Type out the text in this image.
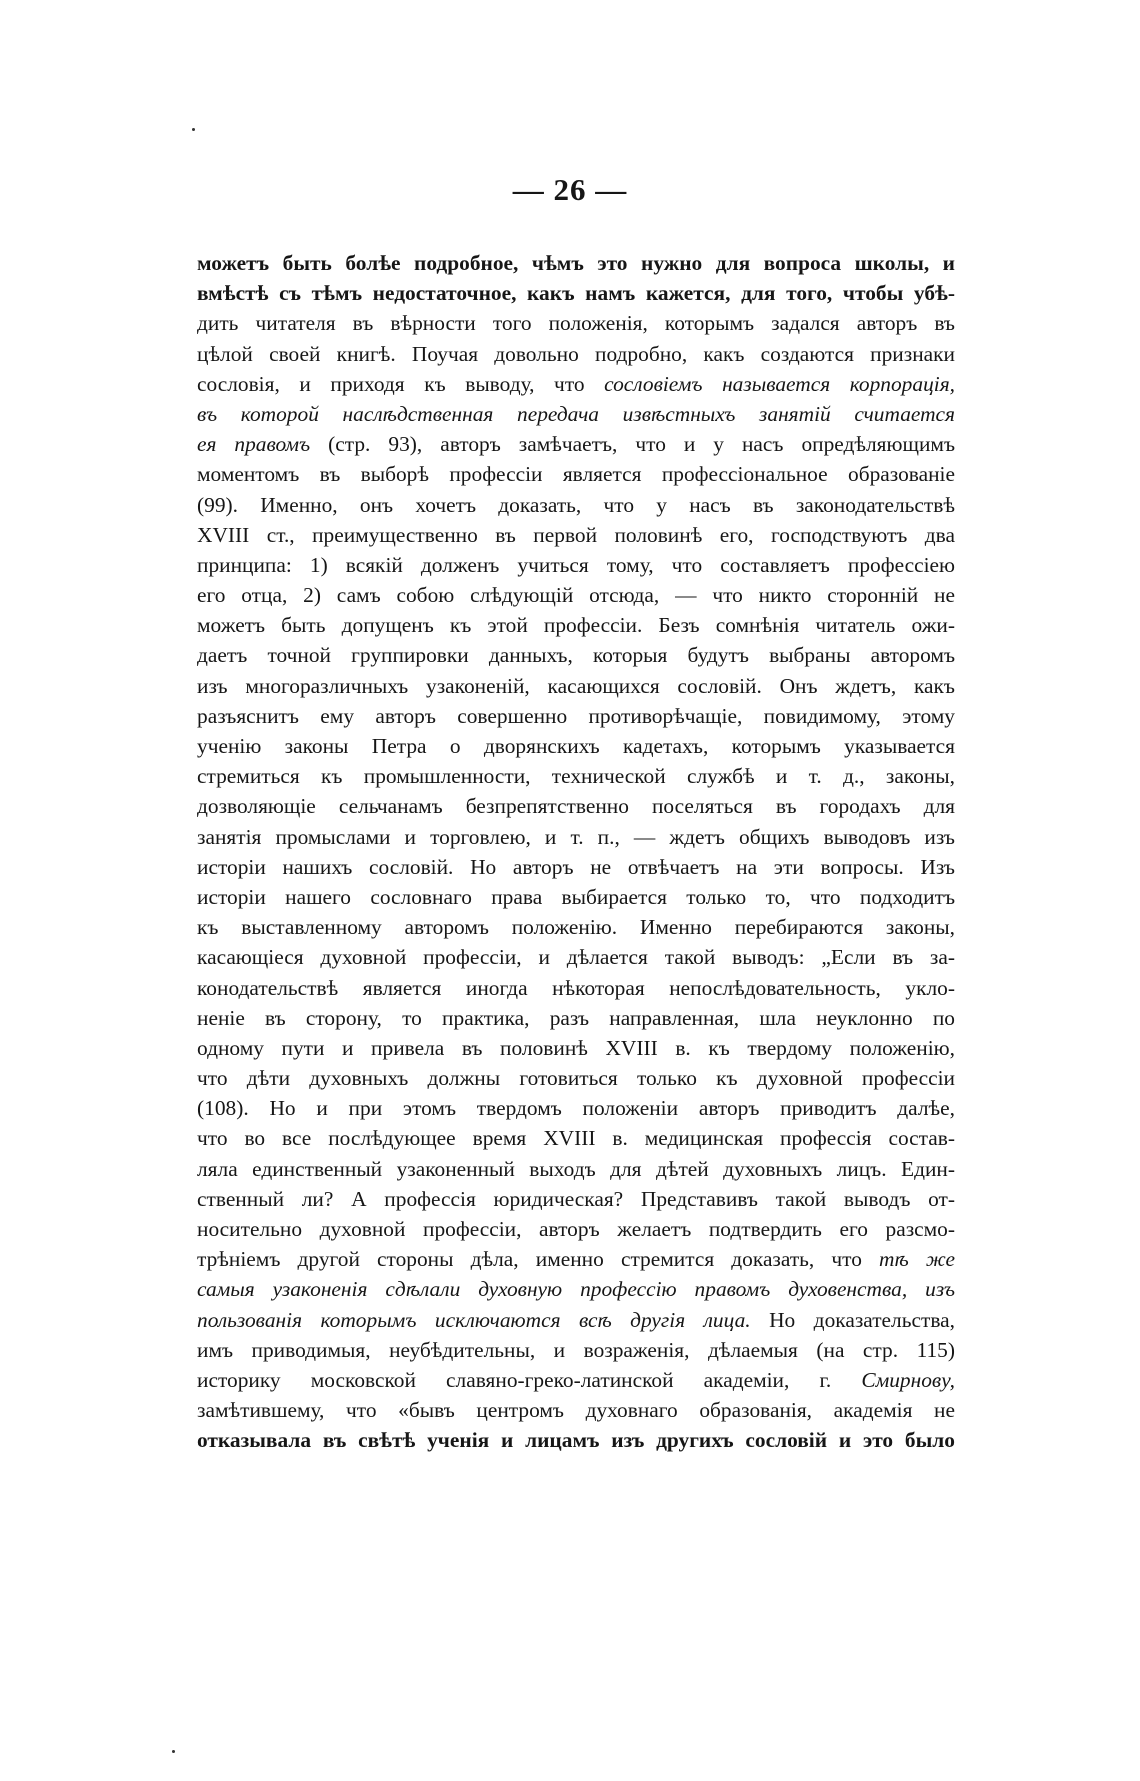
— 26 —
можетъ быть болѣе подробное, чѣмъ это нужно для вопроса школы, и
вмѣстѣ съ тѣмъ недостаточное, какъ намъ кажется, для того, чтобы убѣ-
дить читателя въ вѣрности того положенія, которымъ задался авторъ въ
цѣлой своей книгѣ. Поучая довольно подробно, какъ создаются признаки
сословія, и приходя къ выводу, что сословіемъ называется корпорація,
въ которой наслѣдственная передача извѣстныхъ занятій считается
ея правомъ (стр. 93), авторъ замѣчаетъ, что и у насъ опредѣляющимъ
моментомъ въ выборѣ профессіи является профессіональное образованіе
(99). Именно, онъ хочетъ доказать, что у насъ въ законодательствѣ
XVIII ст., преимущественно въ первой половинѣ его, господствуютъ два
принципа: 1) всякій долженъ учиться тому, что составляетъ профессіею
его отца, 2) самъ собою слѣдующій отсюда, — что никто сторонній не
можетъ быть допущенъ къ этой профессіи. Безъ сомнѣнія читатель ожи-
даетъ точной группировки данныхъ, которыя будутъ выбраны авторомъ
изъ многоразличныхъ узаконеній, касающихся сословій. Онъ ждетъ, какъ
разъяснитъ ему авторъ совершенно противорѣчащіе, повидимому, этому
ученію законы Петра о дворянскихъ кадетахъ, которымъ указывается
стремиться къ промышленности, технической службѣ и т. д., законы,
дозволяющіе сельчанамъ безпрепятственно поселяться въ городахъ для
занятія промыслами и торговлею, и т. п., — ждетъ общихъ выводовъ изъ
исторіи нашихъ сословій. Но авторъ не отвѣчаетъ на эти вопросы. Изъ
исторіи нашего сословнаго права выбирается только то, что подходитъ
къ выставленному авторомъ положенію. Именно перебираются законы,
касающіеся духовной профессіи, и дѣлается такой выводъ: „Если въ за-
конодательствѣ является иногда нѣкоторая непослѣдовательность, укло-
неніе въ сторону, то практика, разъ направленная, шла неуклонно по
одному пути и привела въ половинѣ XVIII в. къ твердому положенію,
что дѣти духовныхъ должны готовиться только къ духовной профессіи
(108). Но и при этомъ твердомъ положеніи авторъ приводитъ далѣе,
что во все послѣдующее время XVIII в. медицинская профессія состав-
ляла единственный узаконенный выходъ для дѣтей духовныхъ лицъ. Един-
ственный ли? А профессія юридическая? Представивъ такой выводъ от-
носительно духовной профессіи, авторъ желаетъ подтвердить его разсмо-
трѣніемъ другой стороны дѣла, именно стремится доказать, что тѣ же
самыя узаконенія сдѣлали духовную профессію правомъ духовенства, изъ
пользованія которымъ исключаются всѣ другія лица. Но доказательства,
имъ приводимыя, неубѣдительны, и возраженія, дѣлаемыя (на стр. 115)
историку московской славяно-греко-латинской академіи, г. Смирнову,
замѣтившему, что «бывъ центромъ духовнаго образованія, академія не
отказывала въ свѣтѣ ученія и лицамъ изъ другихъ сословій и это было
